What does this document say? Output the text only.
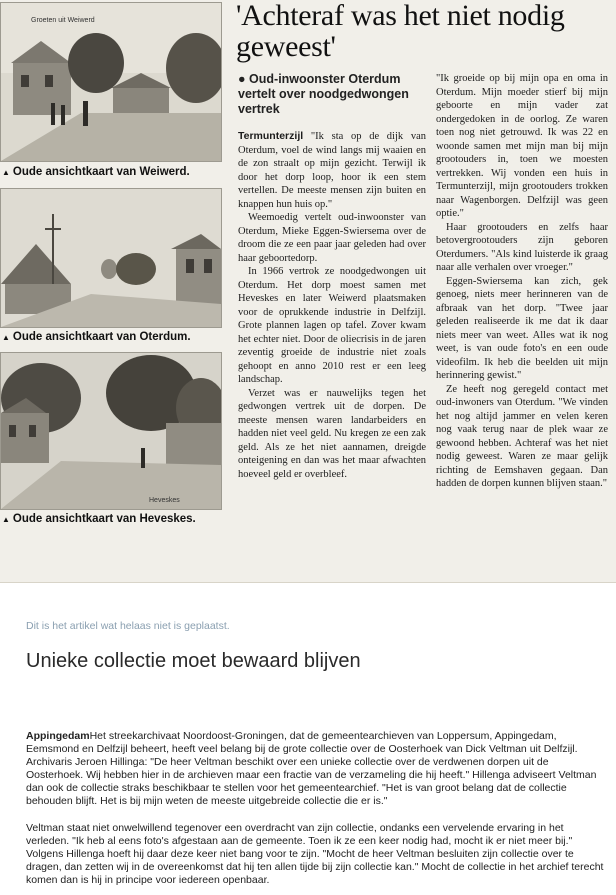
Groeten uit Weiwerd
▲ Oude ansichtkaart van Weiwerd.
▲ Oude ansichtkaart van Oterdum.
Heveskes
▲ Oude ansichtkaart van Heveskes.
'Achteraf was het niet nodig geweest'
● Oud-inwoonster Oterdum vertelt over noodgedwongen vertrek

Termunterzijl "Ik sta op de dijk van Oterdum, voel de wind langs mij waaien en de zon straalt op mijn gezicht. Terwijl ik door het dorp loop, hoor ik een stem vertellen. De meeste mensen zijn buiten en knappen hun huis op."

Weemoedig vertelt oud-inwoonster van Oterdum, Mieke Eggen-Swiersema over de droom die ze een paar jaar geleden had over haar geboortedorp.

In 1966 vertrok ze noodgedwongen uit Oterdum. Het dorp moest samen met Heveskes en later Weiwerd plaatsmaken voor de oprukkende industrie in Delfzijl. Grote plannen lagen op tafel. Zover kwam het echter niet. Door de oliecrisis in de jaren zeventig groeide de industrie niet zoals gehoopt en anno 2010 rest er een leeg landschap.

Verzet was er nauwelijks tegen het gedwongen vertrek uit de dorpen. De meeste mensen waren landarbeiders en hadden niet veel geld. Nu kregen ze een zak geld. Als ze het niet aannamen, dreigde onteigening en dan was het maar afwachten hoeveel geld er overbleef.

"Ik groeide op bij mijn opa en oma in Oterdum. Mijn moeder stierf bij mijn geboorte en mijn vader zat ondergedoken in de oorlog. Ze waren toen nog niet getrouwd. Ik was 22 en woonde samen met mijn man bij mijn grootouders in, toen we moesten vertrekken. Wij vonden een huis in Termunterzijl, mijn grootouders trokken naar Wagenborgen. Delfzijl was geen optie."

Haar grootouders en zelfs haar betovergrootouders zijn geboren Oterdumers. "Als kind luisterde ik graag naar alle verhalen over vroeger."

Eggen-Swiersema kan zich, gek genoeg, niets meer herinneren van de afbraak van het dorp. "Twee jaar geleden realiseerde ik me dat ik daar niets meer van weet. Alles wat ik nog weet, is van oude foto's en een oude videofilm. Ik heb die beelden uit mijn herinnering gewist."

Ze heeft nog geregeld contact met oud-inwoners van Oterdum. "We vinden het nog altijd jammer en velen keren nog vaak terug naar de plek waar ze gewoond hebben. Achteraf was het niet nodig geweest. Waren ze maar gelijk richting de Eemshaven gegaan. Dan hadden de dorpen kunnen blijven staan."

Dit is het artikel wat helaas niet is geplaatst.
Unieke collectie moet bewaard blijven

AppingedamHet streekarchivaat Noordoost-Groningen, dat de gemeentearchieven van Loppersum, Appingedam, Eemsmond en Delfzijl beheert, heeft veel belang bij de grote collectie over de Oosterhoek van Dick Veltman uit Delfzijl. Archivaris Jeroen Hillinga: "De heer Veltman beschikt over een unieke collectie over de verdwenen dorpen uit de Oosterhoek. Wij hebben hier in de archieven maar een fractie van de verzameling die hij heeft." Hillenga adviseert Veltman dan ook de collectie straks beschikbaar te stellen voor het gemeentearchief. "Het is van groot belang dat de collectie behouden blijft. Het is bij mijn weten de meeste uitgebreide collectie die er is."

Veltman staat niet onwelwillend tegenover een overdracht van zijn collectie, ondanks een vervelende ervaring in het verleden. "Ik heb al eens foto's afgestaan aan de gemeente. Toen ik ze een keer nodig had, mocht ik er niet meer bij." Volgens Hillenga hoeft hij daar deze keer niet bang voor te zijn. "Mocht de heer Veltman besluiten zijn collectie over te dragen, dan zetten wij in de overeenkomst dat hij ten allen tijde bij zijn collectie kan." Mocht de collectie in het archief terecht komen dan is hij in principe voor iedereen openbaar.
